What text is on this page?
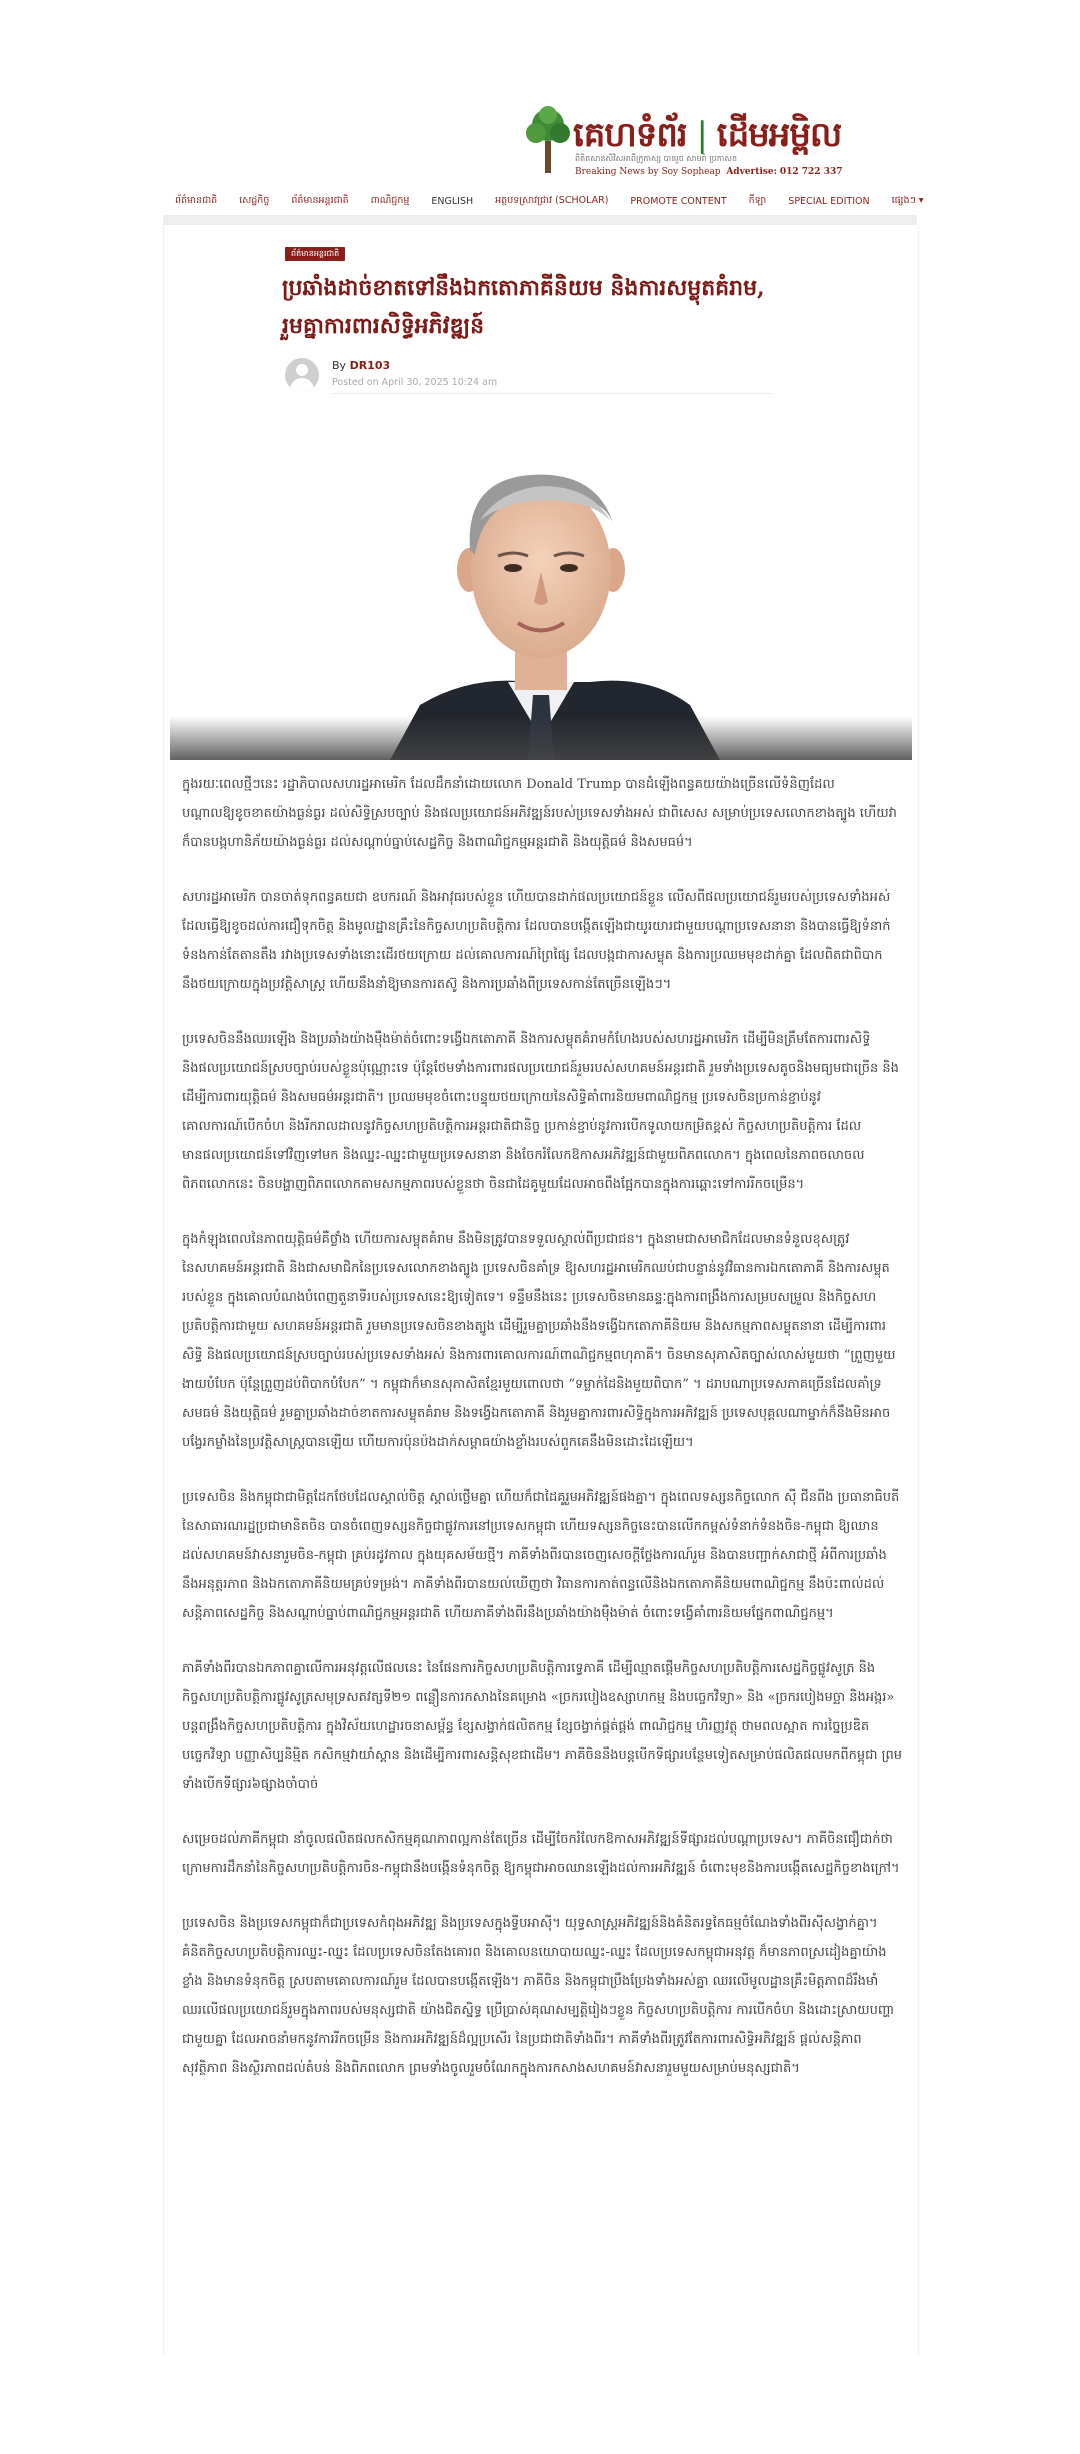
គេហទំព័រ | ដើមអម្ពិល
ពិតិតសានសិវិសអាពីក្រូកាស្ស បានរួច សាមរាំ ប្រកាសខ
Breaking News by Soy Sopheap Advertise: 012 722 337
ព័ត៌មានជាតិ សេដ្ឋកិច្ច ព័ត៌មានអន្តរជាតិ ពាណិជ្ជកម្ម ENGLISH អត្ថបទស្រាវជ្រាវ (SCHOLAR) PROMOTE CONTENT កីឡា SPECIAL EDITION ផ្សេងៗ ▾
ព័ត៌មានអន្តរជាតិ
ប្រឆាំងដាច់ខាតទៅនឹងឯកតោភាគីនិយម និងការសម្លុតគំរាម, រួមគ្នាការពារសិទ្ធិអភិវឌ្ឍន៍
By DR103
Posted on April 30, 2025 10:24 am

ក្នុងរយៈពេលថ្មីៗនេះ រដ្ឋាភិបាលសហរដ្ឋអាមេរិក ដែលដឹកនាំដោយលោក Donald Trump បានដំឡើងពន្ធគយយ៉ាងច្រើនលើទំនិញដែលបណ្ដាលឱ្យខូចខាតយ៉ាងធ្ងន់ធ្ងរ ដល់សិទ្ធិស្របច្បាប់ និងផលប្រយោជន៍អភិវឌ្ឍន៍របស់ប្រទេសទាំងអស់ ជាពិសេស សម្រាប់ប្រទេសលោកខាងត្បូង ហើយវាក៏បានបង្កហានិភ័យយ៉ាងធ្ងន់ធ្ងរ ដល់សណ្ដាប់ធ្នាប់សេដ្ឋកិច្ច និងពាណិជ្ជកម្មអន្តរជាតិ និងយុត្តិធម៌ និងសមធម៌។

សហរដ្ឋអាមេរិក បានចាត់ទុកពន្ធគយជា ឧបករណ៍ និងអាវុធរបស់ខ្លួន ហើយបានដាក់ផលប្រយោជន៍ខ្លួន លើសពីផលប្រយោជន៍រួមរបស់ប្រទេសទាំងអស់ ដែលធ្វើឱ្យខូចដល់ការជឿទុកចិត្ត និងមូលដ្ឋានគ្រឹះនៃកិច្ចសហប្រតិបត្តិការ ដែលបានបង្កើតឡើងជាយូរយារជាមួយបណ្ដាប្រទេសនានា និងបានធ្វើឱ្យទំនាក់ទំនងកាន់តែតានតឹង រវាងប្រទេសទាំងនោះដើរថយក្រោយ ដល់គោលការណ៍ព្រៃផ្សៃ ដែលបង្កជាការសម្លុត និងការប្រឈមមុខដាក់គ្នា ដែលពិតជាពិបាកនឹងថយក្រោយក្នុងប្រវត្តិសាស្ត្រ ហើយនឹងនាំឱ្យមានការតស៊ូ និងការប្រឆាំងពីប្រទេសកាន់តែច្រើនឡើងៗ។

ប្រទេសចិននឹងឈរឡើង និងប្រឆាំងយ៉ាងម៉ឺងម៉ាត់ចំពោះទង្វើឯកតោភាគី និងការសម្លុតគំរាមកំហែងរបស់សហរដ្ឋអាមេរិក ដើម្បីមិនត្រឹមតែការពារសិទ្ធិ និងផលប្រយោជន៍ស្របច្បាប់របស់ខ្លួនប៉ុណ្ណោះទេ ប៉ុន្តែថែមទាំងការពារផលប្រយោជន៍រួមរបស់សហគមន៍អន្តរជាតិ រួមទាំងប្រទេសតូចនិងមធ្យមជាច្រើន និងដើម្បីការពារយុត្តិធម៌ និងសមធម៌អន្តរជាតិ។ ប្រឈមមុខចំពោះបន្ទុយថយក្រោយនៃសិទ្ធិគាំពារនិយមពាណិជ្ជកម្ម ប្រទេសចិនប្រកាន់ខ្ជាប់នូវគោលការណ៍បើកចំហ និងរីករាលដាលនូវកិច្ចសហប្រតិបត្តិការអន្តរជាតិជានិច្ច ប្រកាន់ខ្ជាប់នូវការបើកទូលាយកម្រិតខ្ពស់ កិច្ចសហប្រតិបត្តិការ ដែលមានផលប្រយោជន៍ទៅវិញទៅមក និងឈ្នះ-ឈ្នះជាមួយប្រទេសនានា និងចែករំលែកឱកាសអភិវឌ្ឍន៍ជាមួយពិភពលោក។ ក្នុងពេលនៃភាពចលាចលពិភពលោកនេះ ចិនបង្ហាញពិភពលោកតាមសកម្មភាពរបស់ខ្លួនថា ចិនជាដៃគូមួយដែលអាចពឹងផ្អែកបានក្នុងការឆ្ពោះទៅការរីកចម្រើន។

ក្នុងកំឡុងពេលនៃភាពយុត្តិធម៌គឺថ្លាំង ហើយការសម្លុតគំរាម នឹងមិនត្រូវបានទទួលស្គាល់ពីប្រជាជន។ ក្នុងនាមជាសមាជិកដែលមានទំនួលខុសត្រូវ នៃសហគមន៍អន្តរជាតិ និងជាសមាជិកនៃប្រទេសលោកខាងត្បូង ប្រទេសចិនគាំទ្រ ឱ្យសហរដ្ឋអាមេរិកឈប់ជាបន្ទាន់នូវវិធានការឯកតោភាគី និងការសម្លុតរបស់ខ្លួន ក្នុងគោលបំណងបំពេញតួនាទីរបស់ប្រទេសនេះឱ្យទៀតទេ។ ទន្ទឹមនឹងនេះ ប្រទេសចិនមានឆន្ទៈក្នុងការពង្រឹងការសម្របសម្រួល និងកិច្ចសហប្រតិបត្តិការជាមួយ សហគមន៍អន្តរជាតិ រួមមានប្រទេសចិនខាងត្បូង ដើម្បីរួមគ្នាប្រឆាំងនឹងទង្វើឯកតោភាគីនិយម និងសកម្មភាពសម្លុតនានា ដើម្បីការពារសិទ្ធិ និងផលប្រយោជន៍ស្របច្បាប់របស់ប្រទេសទាំងអស់ និងការពារគោលការណ៍ពាណិជ្ជកម្មពហុភាគី។ ចិនមានសុភាសិតច្បាស់លាស់មួយថា “ព្រួញមួយងាយបំបែក ប៉ុន្តែព្រួញដប់ពិបាកបំបែក” ។ កម្ពុជាក៏មានសុភាសិតខ្មែរមួយពោលថា “ទម្លាក់ដៃនិងមួយពិបាក” ។ ដរាបណាប្រទេសភាគច្រើនដែលគាំទ្រសមធម៌ និងយុត្តិធម៌ រួមគ្នាប្រឆាំងដាច់ខាតការសម្លុតគំរាម និងទង្វើឯកតោភាគី និងរួមគ្នាការពារសិទ្ធិក្នុងការអភិវឌ្ឍន៍ ប្រទេសបុគ្គលណាម្នាក់ក៏នឹងមិនអាចបង្វែរកម្លាំងនៃប្រវត្តិសាស្ត្របានឡើយ ហើយការប៉ុនប៉ងដាក់សម្ពាធយ៉ាងខ្លាំងរបស់ពួកគេនឹងមិនដោះដៃឡើយ។

ប្រទេសចិន និងកម្ពុជាជាមិត្តដែកថែបដែលស្គាល់ចិត្ត ស្គាល់ថ្លើមគ្នា ហើយក៏ជាដៃគូរួមអភិវឌ្ឍន៍ផងគ្នា។ ក្នុងពេលទស្សនកិច្ចលោក ស៊ី ជីនពីង ប្រធានាធិបតីនៃសាធារណរដ្ឋប្រជាមានិតចិន បានចំពេញទស្សនកិច្ចជាផ្លូវការនៅប្រទេសកម្ពុជា ហើយទស្សនកិច្ចនេះបានលើកកម្ពស់ទំនាក់ទំនងចិន-កម្ពុជា ឱ្យឈានដល់សហគមន៍វាសនារួមចិន-កម្ពុជា គ្រប់រដូវកាល ក្នុងយុគសម័យថ្មី។ ភាគីទាំងពីរបានចេញសេចក្ដីថ្លែងការណ៍រួម និងបានបញ្ជាក់សាជាថ្មី អំពីការប្រឆាំងនឹងអនុត្តរភាព និងឯកតោភាគីនិយមគ្រប់ទម្រង់។ ភាគីទាំងពីរបានយល់ឃើញថា វិធានការកាត់ពន្ធលើនិងឯកតោភាគីនិយមពាណិជ្ជកម្ម នឹងប៉ះពាល់ដល់សន្តិភាពសេដ្ឋកិច្ច និងសណ្ដាប់ធ្នាប់ពាណិជ្ជកម្មអន្តរជាតិ ហើយភាគីទាំងពីរនឹងប្រឆាំងយ៉ាងម៉ឺងម៉ាត់ ចំពោះទង្វើគាំពារនិយមផ្នែកពាណិជ្ជកម្ម។

ភាគីទាំងពីរបានឯកភាពគ្នាលើការអនុវត្តលើផលនេះ នៃផែនការកិច្ចសហប្រតិបត្តិការទ្វេភាគី ដើម្បីឈ្មាតផ្ដើមកិច្ចសហប្រតិបត្តិការសេដ្ឋកិច្ចផ្លូវសូត្រ និងកិច្ចសហប្រតិបត្តិការផ្លូវសូត្រសមុទ្រសតវត្សទី២១ ពន្លឿនការកសាងនៃគម្រោង «ច្រករបៀងឧស្សាហកម្ម និងបច្ចេកវិទ្យា» និង «ច្រករបៀងមច្ឆា និងអង្ករ» បន្តពង្រឹងកិច្ចសហប្រតិបត្តិការ ក្នុងវិស័យហេដ្ឋារចនាសម្ព័ន្ធ ខ្សែសង្វាក់ផលិតកម្ម ខ្សែចង្វាក់ផ្គត់ផ្គង់ ពាណិជ្ជកម្ម ហិរញ្ញវត្ថុ ថាមពលស្អាត ការច្នៃប្រឌិតបច្ចេកវិទ្យា បញ្ញាសិប្បនិម្មិត កសិកម្មវាយាំស្តាន និងដើម្បីការពារសន្តិសុខជាដើម។ ភាគីចិននឹងបន្តបើកទីផ្សារបន្ថែមទៀតសម្រាប់ផលិតផលមកពីកម្ពុជា ព្រមទាំងបើកទីផ្សារ៦ផ្សាងចាំបាច់

សម្រេចដល់ភាគីកម្ពុជា នាំចូលផលិតផលកសិកម្មគុណភាពល្អកាន់តែច្រើន ដើម្បីចែករំលែកឱកាសអភិវឌ្ឍន៍ទីផ្សារដល់បណ្ដាប្រទេស។ ភាគីចិនជឿជាក់ថា ក្រោមការដឹកនាំនៃកិច្ចសហប្រតិបត្តិការចិន-កម្ពុជានឹងបង្កើនទំនុកចិត្ត ឱ្យកម្ពុជាអាចឈានឡើងដល់ការអភិវឌ្ឍន៍ ចំពោះមុខនិងការបង្កើតសេដ្ឋកិច្ចខាងក្រៅ។

ប្រទេសចិន និងប្រទេសកម្ពុជាក៏ជាប្រទេសកំពុងអភិវឌ្ឍ និងប្រទេសក្នុងទ្វីបអាស៊ី។ យុទ្ធសាស្ត្រអភិវឌ្ឍន៍និងគំនិតរទ្ធកៃធម្មចំណែងទាំងពីរស៊ីសង្វាក់គ្នា។ គំនិតកិច្ចសហប្រតិបត្តិការឈ្នះ-ឈ្នះ ដែលប្រទេសចិនតែងគោរព និងគោលនយោបាយឈ្នះ-ឈ្នះ ដែលប្រទេសកម្ពុជាអនុវត្ត ក៏មានភាពស្រដៀងគ្នាយ៉ាងខ្លាំង និងមានទំនុកចិត្ត ស្របតាមគោលការណ៍រួម ដែលបានបង្កើតឡើង។ ភាគីចិន និងកម្ពុជាប្រឹងប្រែងទាំងអស់គ្នា ឈរលើមូលដ្ឋានគ្រឹះមិត្តភាពដ៏រឹងមាំ ឈរលើផលប្រយោជន៍រួមក្នុងភាពរបស់មនុស្សជាតិ យ៉ាងជិតស្និទ្ធ ប្រើប្រាស់គុណសម្បត្តិរៀងៗខ្លួន កិច្ចសហប្រតិបត្តិការ ការបើកចំហ និងដោះស្រាយបញ្ហាជាមួយគ្នា ដែលអាចនាំមកនូវការរីកចម្រើន និងការអភិវឌ្ឍន៍ដ៏ល្អប្រសើរ នៃប្រជាជាតិទាំងពីរ។ ភាគីទាំងពីរត្រូវតែការពារសិទ្ធិអភិវឌ្ឍន៍ ផ្ដល់សន្តិភាព សុវត្ថិភាព និងស្ថិរភាពដល់តំបន់ និងពិភពលោក ព្រមទាំងចូលរួមចំណែកក្នុងការកសាងសហគមន៍វាសនារួមមួយសម្រាប់មនុស្សជាតិ។
